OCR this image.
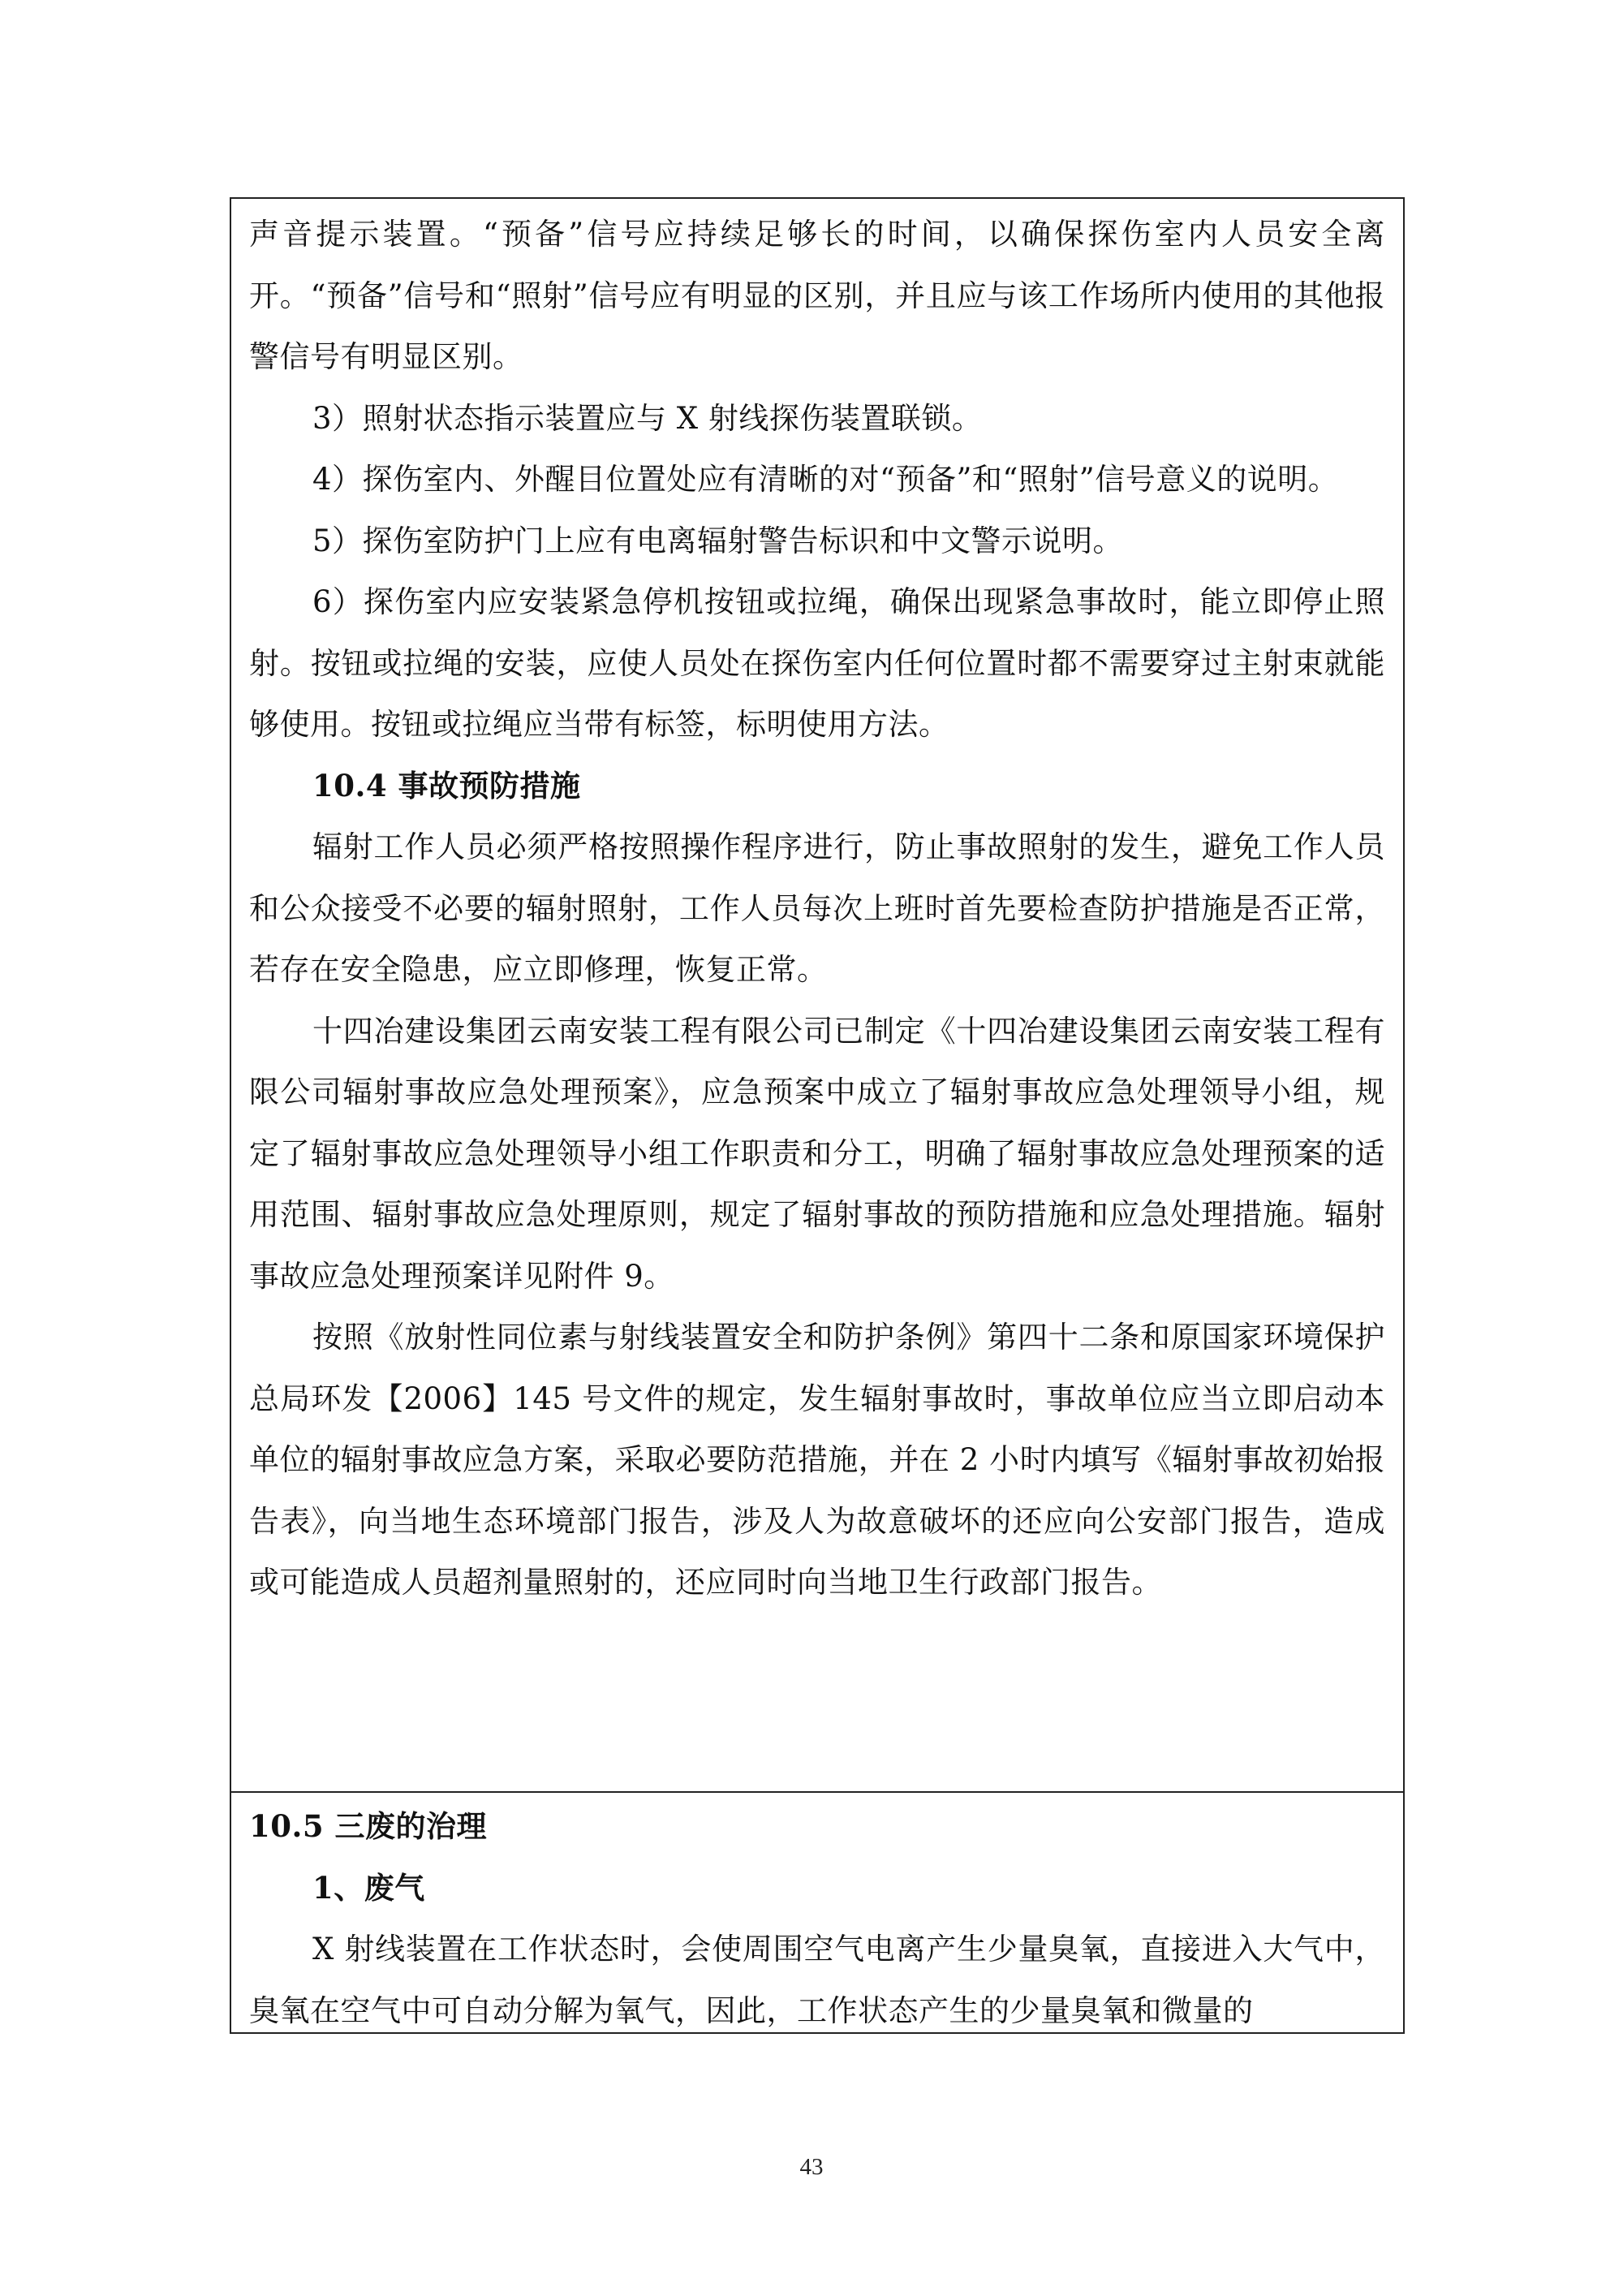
声音提示装置。“预备”信号应持续足够长的时间，以确保探伤室内人员安全离开。“预备”信号和“照射”信号应有明显的区别，并且应与该工作场所内使用的其他报警信号有明显区别。

3）照射状态指示装置应与 X 射线探伤装置联锁。

4）探伤室内、外醒目位置处应有清晰的对“预备”和“照射”信号意义的说明。

5）探伤室防护门上应有电离辐射警告标识和中文警示说明。

6）探伤室内应安装紧急停机按钮或拉绳，确保出现紧急事故时，能立即停止照射。按钮或拉绳的安装，应使人员处在探伤室内任何位置时都不需要穿过主射束就能够使用。按钮或拉绳应当带有标签，标明使用方法。

10.4 事故预防措施

辐射工作人员必须严格按照操作程序进行，防止事故照射的发生，避免工作人员和公众接受不必要的辐射照射，工作人员每次上班时首先要检查防护措施是否正常，若存在安全隐患，应立即修理，恢复正常。

十四冶建设集团云南安装工程有限公司已制定《十四冶建设集团云南安装工程有限公司辐射事故应急处理预案》，应急预案中成立了辐射事故应急处理领导小组，规定了辐射事故应急处理领导小组工作职责和分工，明确了辐射事故应急处理预案的适用范围、辐射事故应急处理原则，规定了辐射事故的预防措施和应急处理措施。辐射事故应急处理预案详见附件 9。

按照《放射性同位素与射线装置安全和防护条例》第四十二条和原国家环境保护总局环发【2006】145 号文件的规定，发生辐射事故时，事故单位应当立即启动本单位的辐射事故应急方案，采取必要防范措施，并在 2 小时内填写《辐射事故初始报告表》，向当地生态环境部门报告，涉及人为故意破坏的还应向公安部门报告，造成或可能造成人员超剂量照射的，还应同时向当地卫生行政部门报告。

10.5 三废的治理

1、废气

X 射线装置在工作状态时，会使周围空气电离产生少量臭氧，直接进入大气中，臭氧在空气中可自动分解为氧气，因此，工作状态产生的少量臭氧和微量的

43
